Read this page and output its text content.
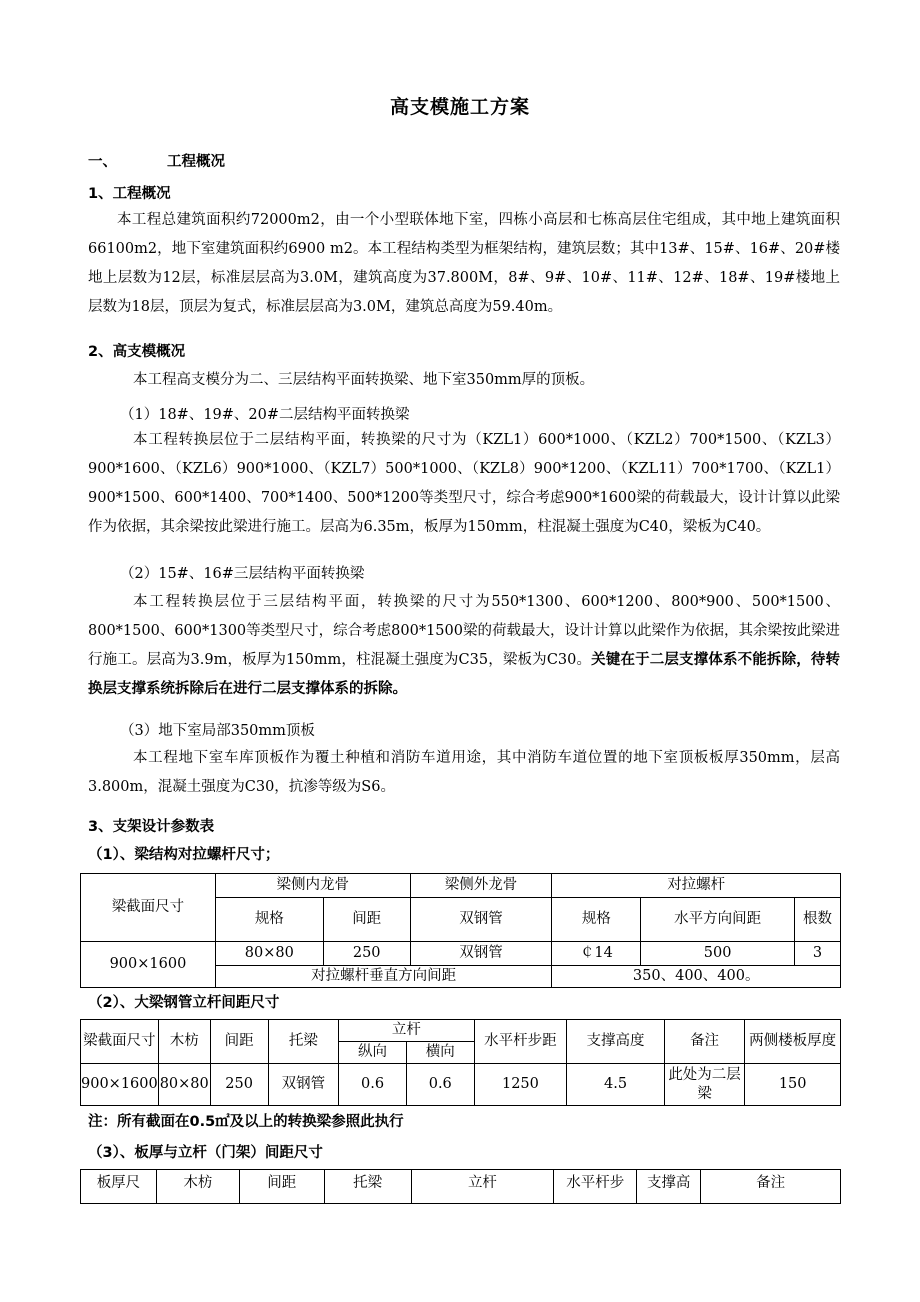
高支模施工方案
一、	工程概况
1、工程概况
本工程总建筑面积约72000m2，由一个小型联体地下室，四栋小高层和七栋高层住宅组成，其中地上建筑面积66100m2，地下室建筑面积约6900 m2。本工程结构类型为框架结构，建筑层数；其中13#、15#、16#、20#楼地上层数为12层，标准层层高为3.0M，建筑高度为37.800M，8#、9#、10#、11#、12#、18#、19#楼地上层数为18层，顶层为复式，标准层层高为3.0M，建筑总高度为59.40m。
2、高支模概况
本工程高支模分为二、三层结构平面转换梁、地下室350mm厚的顶板。
（1）18#、19#、20#二层结构平面转换梁
本工程转换层位于二层结构平面，转换梁的尺寸为（KZL1）600*1000、（KZL2）700*1500、（KZL3）900*1600、（KZL6）900*1000、（KZL7）500*1000、（KZL8）900*1200、（KZL11）700*1700、（KZL1）900*1500、600*1400、700*1400、500*1200等类型尺寸，综合考虑900*1600梁的荷载最大，设计计算以此梁作为依据，其余梁按此梁进行施工。层高为6.35m，板厚为150mm，柱混凝土强度为C40，梁板为C40。
（2）15#、16#三层结构平面转换梁
本工程转换层位于三层结构平面，转换梁的尺寸为550*1300、600*1200、800*900、500*1500、800*1500、600*1300等类型尺寸，综合考虑800*1500梁的荷载最大，设计计算以此梁作为依据，其余梁按此梁进行施工。层高为3.9m，板厚为150mm，柱混凝土强度为C35，梁板为C30。关键在于二层支撑体系不能拆除，待转换层支撑系统拆除后在进行二层支撑体系的拆除。
（3）地下室局部350mm顶板
本工程地下室车库顶板作为覆土种植和消防车道用途，其中消防车道位置的地下室顶板板厚350mm，层高3.800m，混凝土强度为C30，抗渗等级为S6。
3、支架设计参数表
（1）、梁结构对拉螺杆尺寸；
梁截面尺寸	梁侧内龙骨		梁侧外龙骨	对拉螺杆		
	规格	间距	双钢管	规格	水平方向间距	根数
900×1600	80×80	250	双钢管	￠14	500	3
	对拉螺杆垂直方向间距			350、400、400。		
（2）、大梁钢管立杆间距尺寸
梁截面尺寸	木枋	间距	托梁	立杆		水平杆步距	支撑高度	备注	两侧楼板厚度
				纵向	横向				
900×1600	80×80	250	双钢管	0.6	0.6	1250	4.5	此处为二层梁	150
注：所有截面在0.5㎡及以上的转换梁参照此执行
（3）、板厚与立杆（门架）间距尺寸
板厚尺	木枋	间距	托梁	立杆	水平杆步	支撑高	备注
